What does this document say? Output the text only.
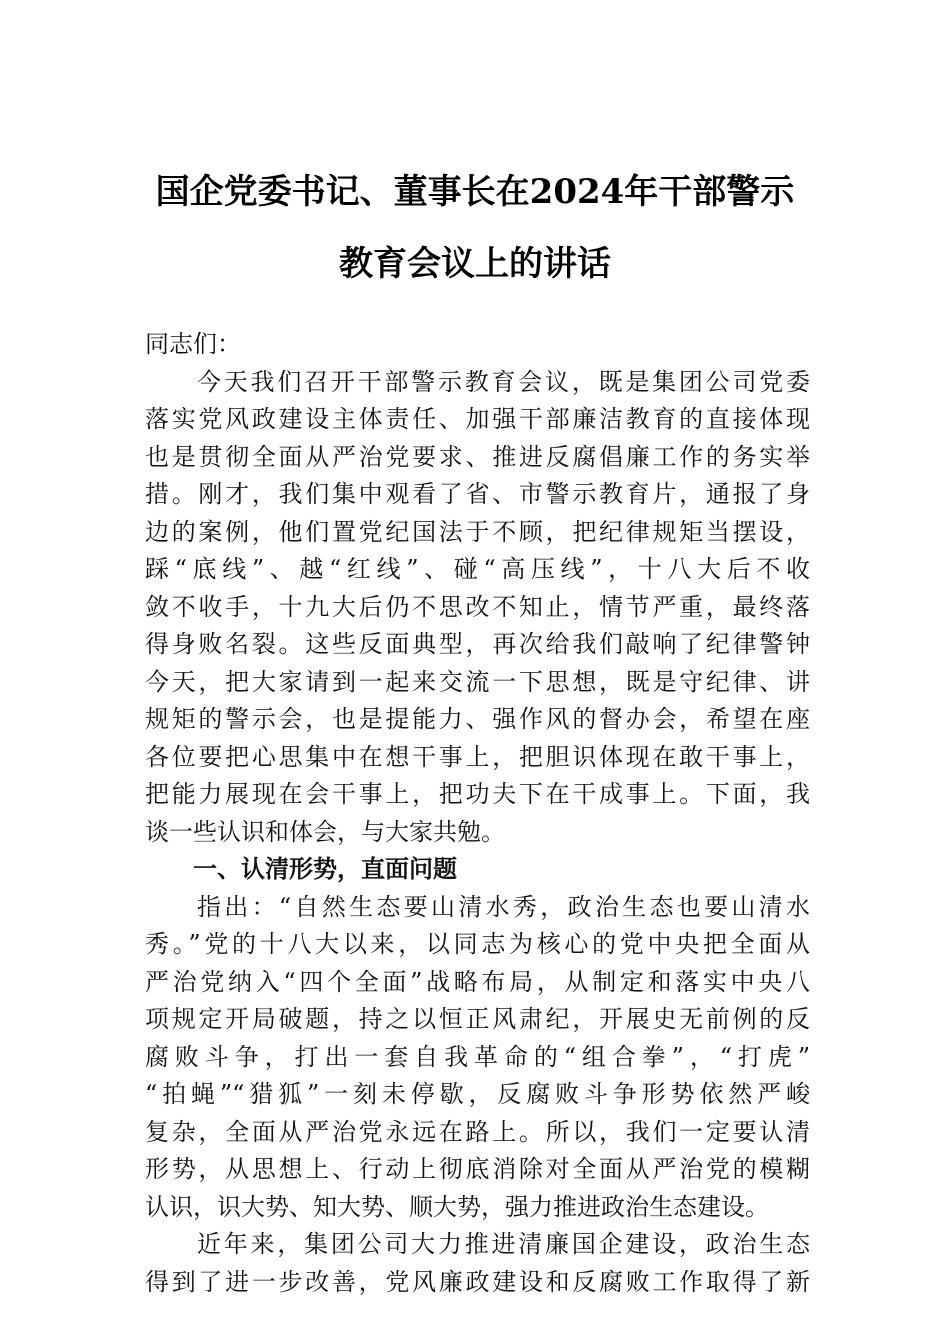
国企党委书记、董事长在2024年干部警示
教育会议上的讲话
同志们：
今天我们召开干部警示教育会议，既是集团公司党委
落实党风政建设主体责任、加强干部廉洁教育的直接体现
也是贯彻全面从严治党要求、推进反腐倡廉工作的务实举
措。刚才，我们集中观看了省、市警示教育片，通报了身
边的案例，他们置党纪国法于不顾，把纪律规矩当摆设，
踩“底线”、越“红线”、碰“高压线”，十八大后不收
敛不收手，十九大后仍不思改不知止，情节严重，最终落
得身败名裂。这些反面典型，再次给我们敲响了纪律警钟
今天，把大家请到一起来交流一下思想，既是守纪律、讲
规矩的警示会，也是提能力、强作风的督办会，希望在座
各位要把心思集中在想干事上，把胆识体现在敢干事上，
把能力展现在会干事上，把功夫下在干成事上。下面，我
谈一些认识和体会，与大家共勉。
一、认清形势，直面问题
指出：“自然生态要山清水秀，政治生态也要山清水
秀。”党的十八大以来，以同志为核心的党中央把全面从
严治党纳入“四个全面”战略布局，从制定和落实中央八
项规定开局破题，持之以恒正风肃纪，开展史无前例的反
腐败斗争，打出一套自我革命的“组合拳”，“打虎”
“拍蝇”“猎狐”一刻未停歇，反腐败斗争形势依然严峻
复杂，全面从严治党永远在路上。所以，我们一定要认清
形势，从思想上、行动上彻底消除对全面从严治党的模糊
认识，识大势、知大势、顺大势，强力推进政治生态建设。
近年来，集团公司大力推进清廉国企建设，政治生态
得到了进一步改善，党风廉政建设和反腐败工作取得了新
